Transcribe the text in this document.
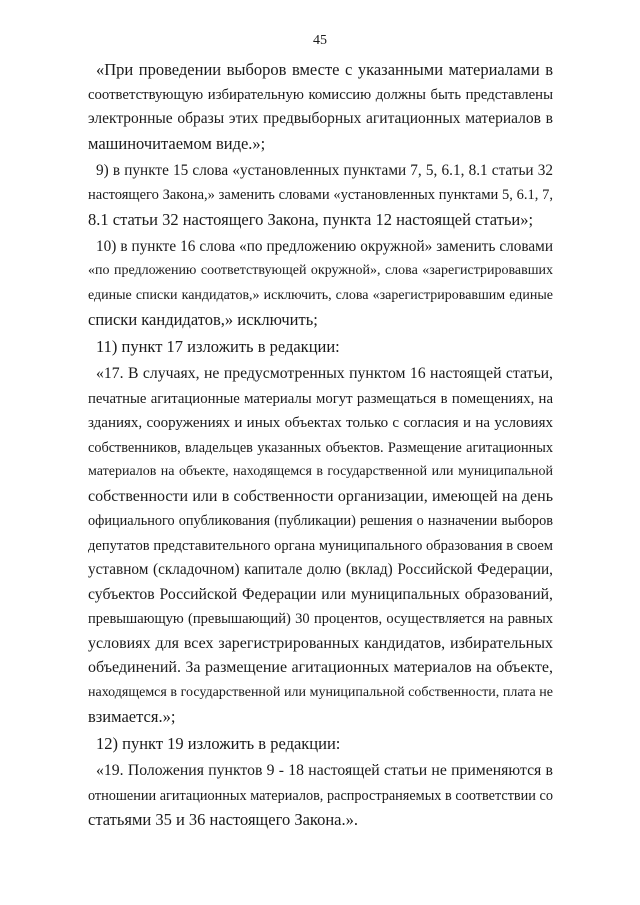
45
«При проведении выборов вместе с указанными материалами в
соответствующую избирательную комиссию должны быть представлены
электронные образы этих предвыборных агитационных материалов в
машиночитаемом виде.»;
9) в пункте 15 слова «установленных пунктами 7, 5, 6.1, 8.1 статьи 32
настоящего Закона,» заменить словами «установленных пунктами 5, 6.1, 7,
8.1 статьи 32 настоящего Закона, пункта 12 настоящей статьи»;
10) в пункте 16 слова «по предложению окружной» заменить словами
«по предложению соответствующей окружной», слова «зарегистрировавших
единые списки кандидатов,» исключить, слова «зарегистрировавшим единые
списки кандидатов,» исключить;
11) пункт 17 изложить в редакции:
«17. В случаях, не предусмотренных пунктом 16 настоящей статьи,
печатные агитационные материалы могут размещаться в помещениях, на
зданиях, сооружениях и иных объектах только с согласия и на условиях
собственников, владельцев указанных объектов. Размещение агитационных
материалов на объекте, находящемся в государственной или муниципальной
собственности или в собственности организации, имеющей на день
официального опубликования (публикации) решения о назначении выборов
депутатов представительного органа муниципального образования в своем
уставном (складочном) капитале долю (вклад) Российской Федерации,
субъектов Российской Федерации или муниципальных образований,
превышающую (превышающий) 30 процентов, осуществляется на равных
условиях для всех зарегистрированных кандидатов, избирательных
объединений. За размещение агитационных материалов на объекте,
находящемся в государственной или муниципальной собственности, плата не
взимается.»;
12) пункт 19 изложить в редакции:
«19. Положения пунктов 9 - 18 настоящей статьи не применяются в
отношении агитационных материалов, распространяемых в соответствии со
статьями 35 и 36 настоящего Закона.».
